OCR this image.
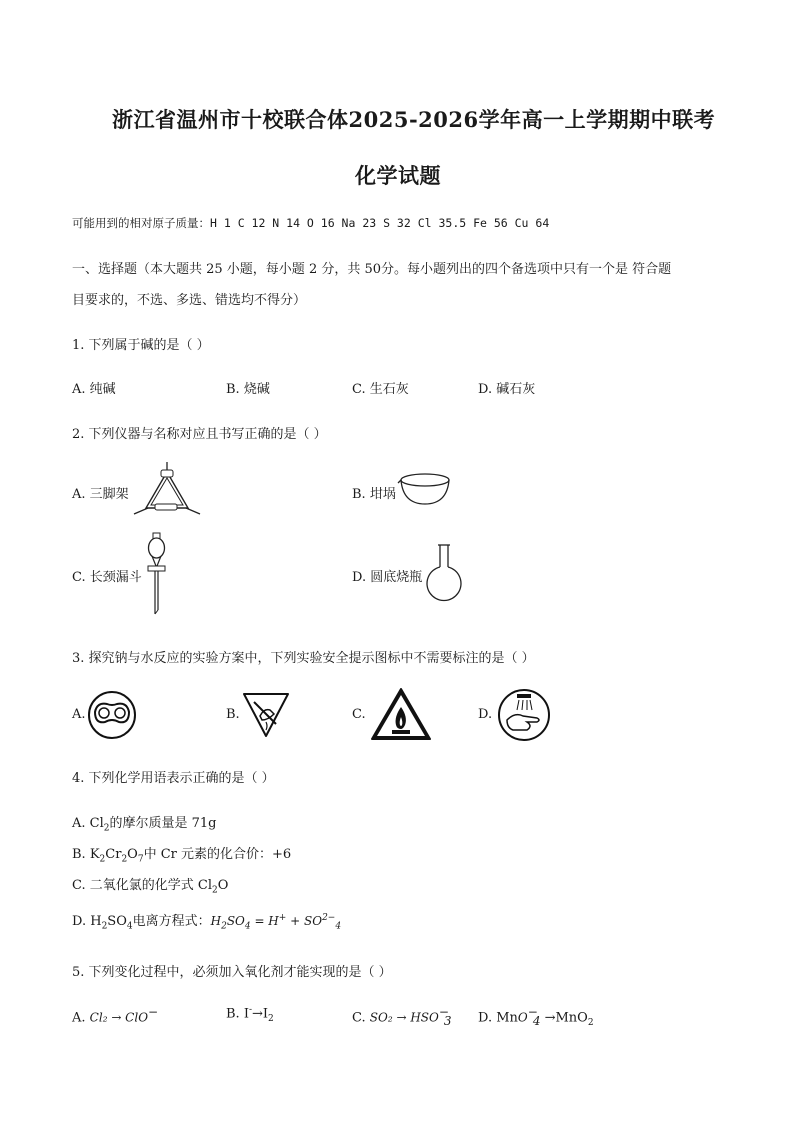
浙江省温州市十校联合体2025-2026学年高一上学期期中联考
化学试题
可能用到的相对原子质量：H 1 C 12 N 14 O 16 Na 23 S 32 Cl 35.5 Fe 56 Cu 64
一、选择题（本大题共 25 小题，每小题 2 分，共 50分。每小题列出的四个备选项中只有一个是 符合题
目要求的，不选、多选、错选均不得分）
1. 下列属于碱的是（ ）
A. 纯碱	B. 烧碱	C. 生石灰	D. 碱石灰
2. 下列仪器与名称对应且书写正确的是（ ）
A. 三脚架	B. 坩埚
C. 长颈漏斗	D. 圆底烧瓶
3. 探究钠与水反应的实验方案中，下列实验安全提示图标中不需要标注的是（ ）
A.	B.	C.	D.
4. 下列化学用语表示正确的是（ ）
A. $Cl_2$的摩尔质量是 71g
B. $K_2Cr_2O_7$中 Cr 元素的化合价：+6
C. 二氧化氯的化学式 $Cl_2O$
D. $H_2SO_4$电离方程式：$H_2SO_4 = H^+ + SO^{2-}_4$
5. 下列变化过程中，必须加入氧化剂才能实现的是（ ）
A. Cl₂ → ClO−	B. $I^-\to I_2$	C. $SO_2 \to HSO^-_3$ D. MnO−$_4$ →MnO$_2$
